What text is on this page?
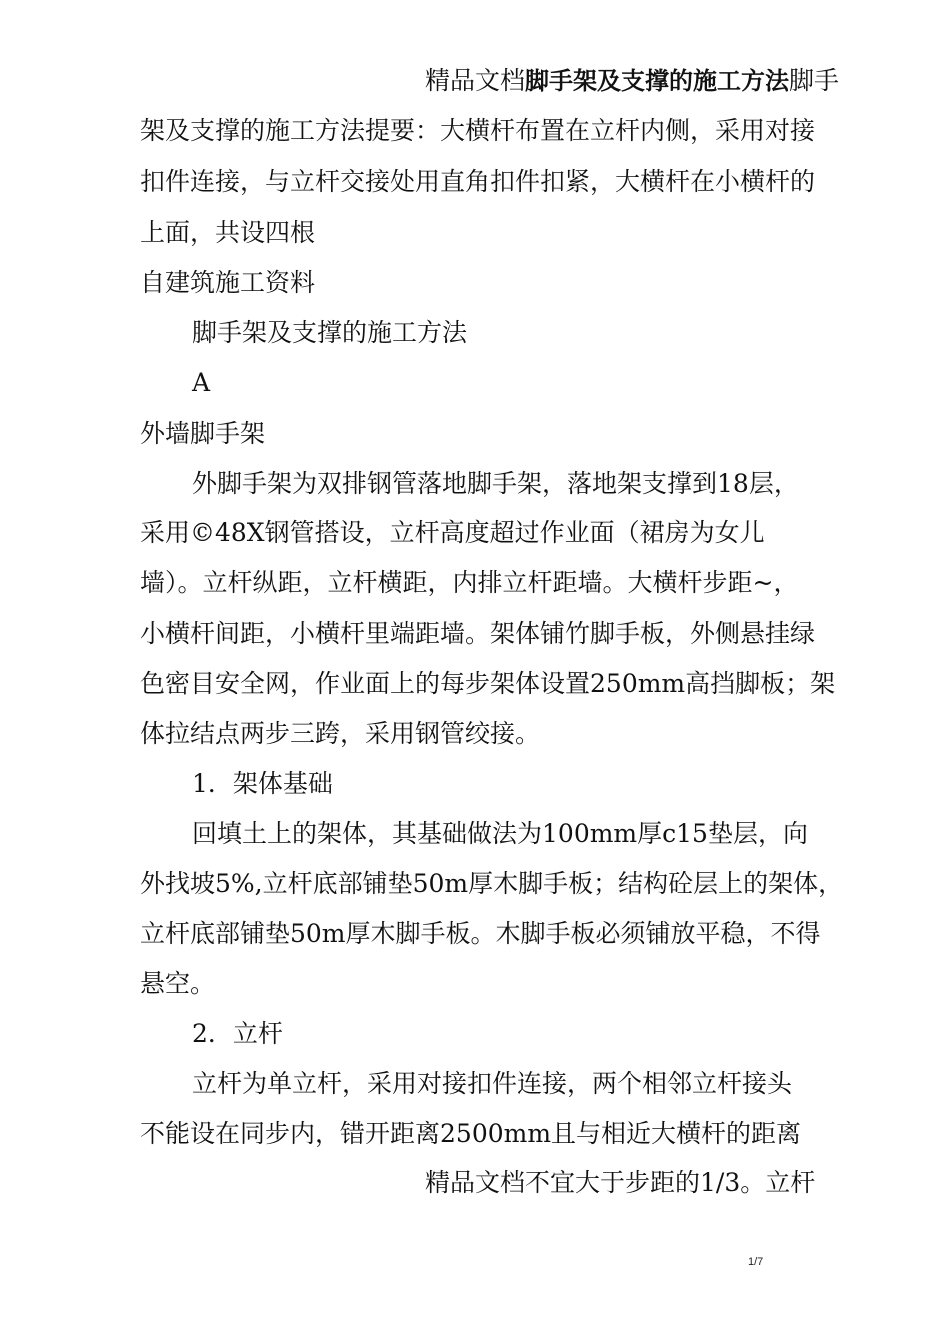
精品文档脚手架及支撑的施工方法脚手
架及支撑的施工方法提要：大横杆布置在立杆内侧，采用对接
扣件连接，与立杆交接处用直角扣件扣紧，大横杆在小横杆的
上面，共设四根
自建筑施工资料
脚手架及支撑的施工方法
A
外墙脚手架
外脚手架为双排钢管落地脚手架，落地架支撑到18层，
采用©48X钢管搭设，立杆高度超过作业面（裙房为女儿
墙）。立杆纵距，立杆横距，内排立杆距墙。大横杆步距~，
小横杆间距，小横杆里端距墙。架体铺竹脚手板，外侧悬挂绿
色密目安全网，作业面上的每步架体设置250mm高挡脚板；架
体拉结点两步三跨，采用钢管绞接。
1．架体基础
回填土上的架体，其基础做法为100mm厚c15垫层，向
外找坡5%,立杆底部铺垫50m厚木脚手板；结构砼层上的架体，
立杆底部铺垫50m厚木脚手板。木脚手板必须铺放平稳，不得
悬空。
2．立杆
立杆为单立杆，采用对接扣件连接，两个相邻立杆接头
不能设在同步内，错开距离2500mm且与相近大横杆的距离
精品文档不宜大于步距的1/3。立杆
1/7
